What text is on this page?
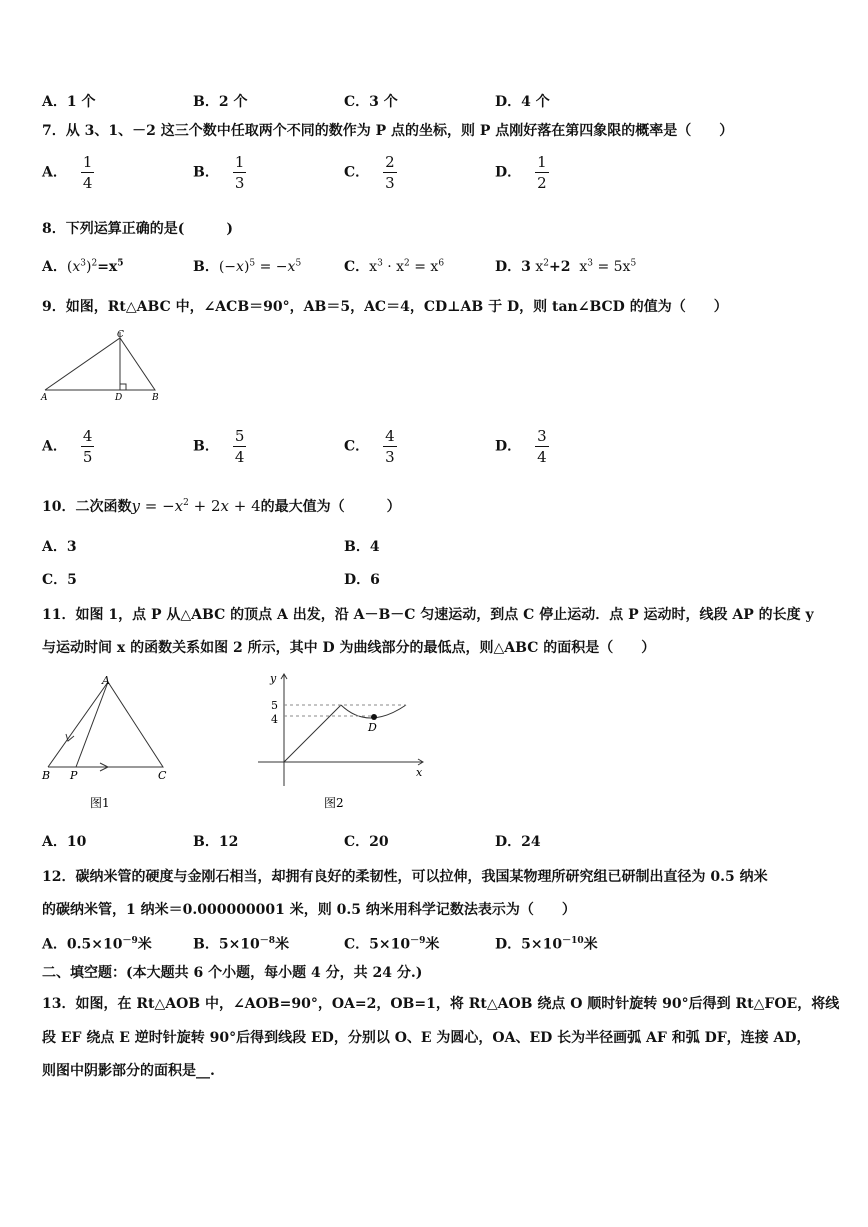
A．1 个	B．2 个	C．3 个	D．4 个
7．从 3、1、－2 这三个数中任取两个不同的数作为 P 点的坐标，则 P 点刚好落在第四象限的概率是（　　）
A． $\frac{1}{4}$	B． $\frac{1}{3}$	C． $\frac{2}{3}$	D． $\frac{1}{2}$
8．下列运算正确的是(　　　)
A．$(x^3)^2=x^5$	B．$(-x)^5 = -x^5$	C．$x^3 \cdot x^2 = x^6$	D．3 $x^2+2$  $x^3 = 5x^5$
9．如图，Rt△ABC 中，∠ACB＝90°，AB＝5，AC＝4，CD⊥AB 于 D，则 tan∠BCD 的值为（　　）
C
A	D	B
A． $\frac{4}{5}$	B． $\frac{5}{4}$	C． $\frac{4}{3}$	D． $\frac{3}{4}$
10．二次函数$y = -x^2 + 2x + 4$的最大值为（　　　）
A．3	B．4
C．5	D．6
11．如图 1，点 P 从△ABC 的顶点 A 出发，沿 A－B－C 匀速运动，到点 C 停止运动．点 P 运动时，线段 AP 的长度 y
与运动时间 x 的函数关系如图 2 所示，其中 D 为曲线部分的最低点，则△ABC 的面积是（　　）
A
B P	C
图1
y
x
5
4
D
图2
A．10	B．12	C．20	D．24
12．碳纳米管的硬度与金刚石相当，却拥有良好的柔韧性，可以拉伸，我国某物理所研究组已研制出直径为 0.5 纳米
的碳纳米管，1 纳米＝0.000000001 米，则 0.5 纳米用科学记数法表示为（　　）
A．$0.5\times 10^{-9}$米	B．$5\times 10^{-8}$米	C．$5\times 10^{-9}$米	D．$5\times 10^{-10}$米
二、填空题：(本大题共 6 个小题，每小题 4 分，共 24 分.)
13．如图，在 Rt△AOB 中，∠AOB=90°，OA=2，OB=1，将 Rt△AOB 绕点 O 顺时针旋转 90°后得到 Rt△FOE，将线
段 EF 绕点 E 逆时针旋转 90°后得到线段 ED，分别以 O、E 为圆心，OA、ED 长为半径画弧 AF 和弧 DF，连接 AD，
则图中阴影部分的面积是__.
